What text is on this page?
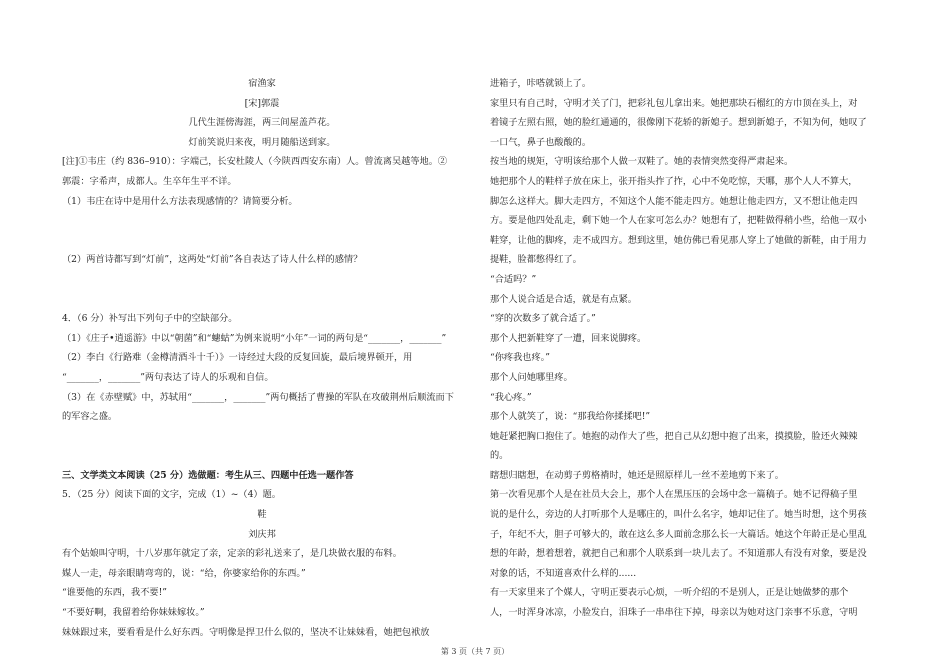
宿渔家
[宋]郭震
几代生涯傍海涯，两三间屋盖芦花。
灯前笑说归来夜，明月随船送到家。
[注]①韦庄（约 836–910）：字端己，长安杜陵人（今陕西西安东南）人。曾流离吴越等地。②
郭震：字希声，成都人。生卒年生平不详。
（1）韦庄在诗中是用什么方法表现感情的？请简要分析。
（2）两首诗都写到“灯前”，这两处“灯前”各自表达了诗人什么样的感情？
4．（6 分）补写出下列句子中的空缺部分。
（1）《庄子•逍遥游》中以“朝菌”和“蟪蛄”为例来说明“小年”一词的两句是“_______，_______”
（2）李白《行路难（金樽清酒斗十千）》一诗经过大段的反复回旋，最后境界顿开，用
“_______，_______”两句表达了诗人的乐观和自信。
（3）在《赤壁赋》中，苏轼用“_______，_______”两句概括了曹操的军队在攻破荆州后顺流而下
的军容之盛。
三、文学类文本阅读（25 分）选做题：考生从三、四题中任选一题作答
5．（25 分）阅读下面的文字，完成（1）~（4）题。
鞋
刘庆邦
有个姑娘叫守明，十八岁那年就定了亲，定亲的彩礼送来了，是几块做衣服的布料。
媒人一走，母亲眼睛弯弯的，说：“给，你婆家给你的东西。”
“谁要他的东西，我不要!”
“不要好啊，我留着给你妹妹嫁妆。”
妹妹跟过来，要看看是什么好东西。守明像是捍卫什么似的，坚决不让妹妹看，她把包袱放
进箱子，咔嗒就锁上了。
家里只有自己时，守明才关了门，把彩礼包儿拿出来。她把那块石榴红的方巾顶在头上，对
着镜子左照右照，她的脸红通通的，很像刚下花轿的新媳子。想到新媳子，不知为何，她叹了
一口气，鼻子也酸酸的。
按当地的规矩，守明该给那个人做一双鞋了。她的表情突然变得严肃起来。
她把那个人的鞋样子放在床上，张开指头拃了拃，心中不免吃惊，天哪，那个人人不算大，
脚怎么这样大。脚大走四方，不知这个人能不能走四方。她想让他走四方，又不想让他走四
方。要是他四处乱走，剩下她一个人在家可怎么办？她想有了，把鞋做得稍小些，给他一双小
鞋穿，让他的脚疼，走不成四方。想到这里，她仿佛已看见那人穿上了她做的新鞋，由于用力
提鞋，脸都憋得红了。
“合适吗？”
那个人说合适是合适，就是有点紧。
“穿的次数多了就合适了。”
那个人把新鞋穿了一遭，回来说脚疼。
“你疼我也疼。”
那个人问她哪里疼。
“我心疼。”
那个人就笑了，说：“那我给你揉揉吧!”
她赶紧把胸口抱住了。她抱的动作大了些，把自己从幻想中抱了出来，摸摸脸，脸还火辣辣
的。
瞎想归瞎想，在动剪子剪格褙时，她还是照原样儿一丝不差地剪下来了。
第一次看见那个人是在社员大会上，那个人在黑压压的会场中念一篇稿子。她不记得稿子里
说的是什么，旁边的人打听那个人是哪庄的，叫什么名字，她却记住了。她当时想，这个男孩
子，年纪不大，胆子可够大的，敢在这么多人面前念那么长一大篇话。她这个年龄正是心里乱
想的年龄，想着想着，就把自己和那个人联系到一块儿去了。不知道那人有没有对象，要是没
对象的话，不知道喜欢什么样的......
有一天家里来了个媒人，守明正要表示心烦，一听介绍的不是别人，正是让她做梦的那个
人，一时浑身冰凉，小脸发白，泪珠子一串串往下掉，母亲以为她对这门亲事不乐意，守明
第 3 页（共 7 页）
